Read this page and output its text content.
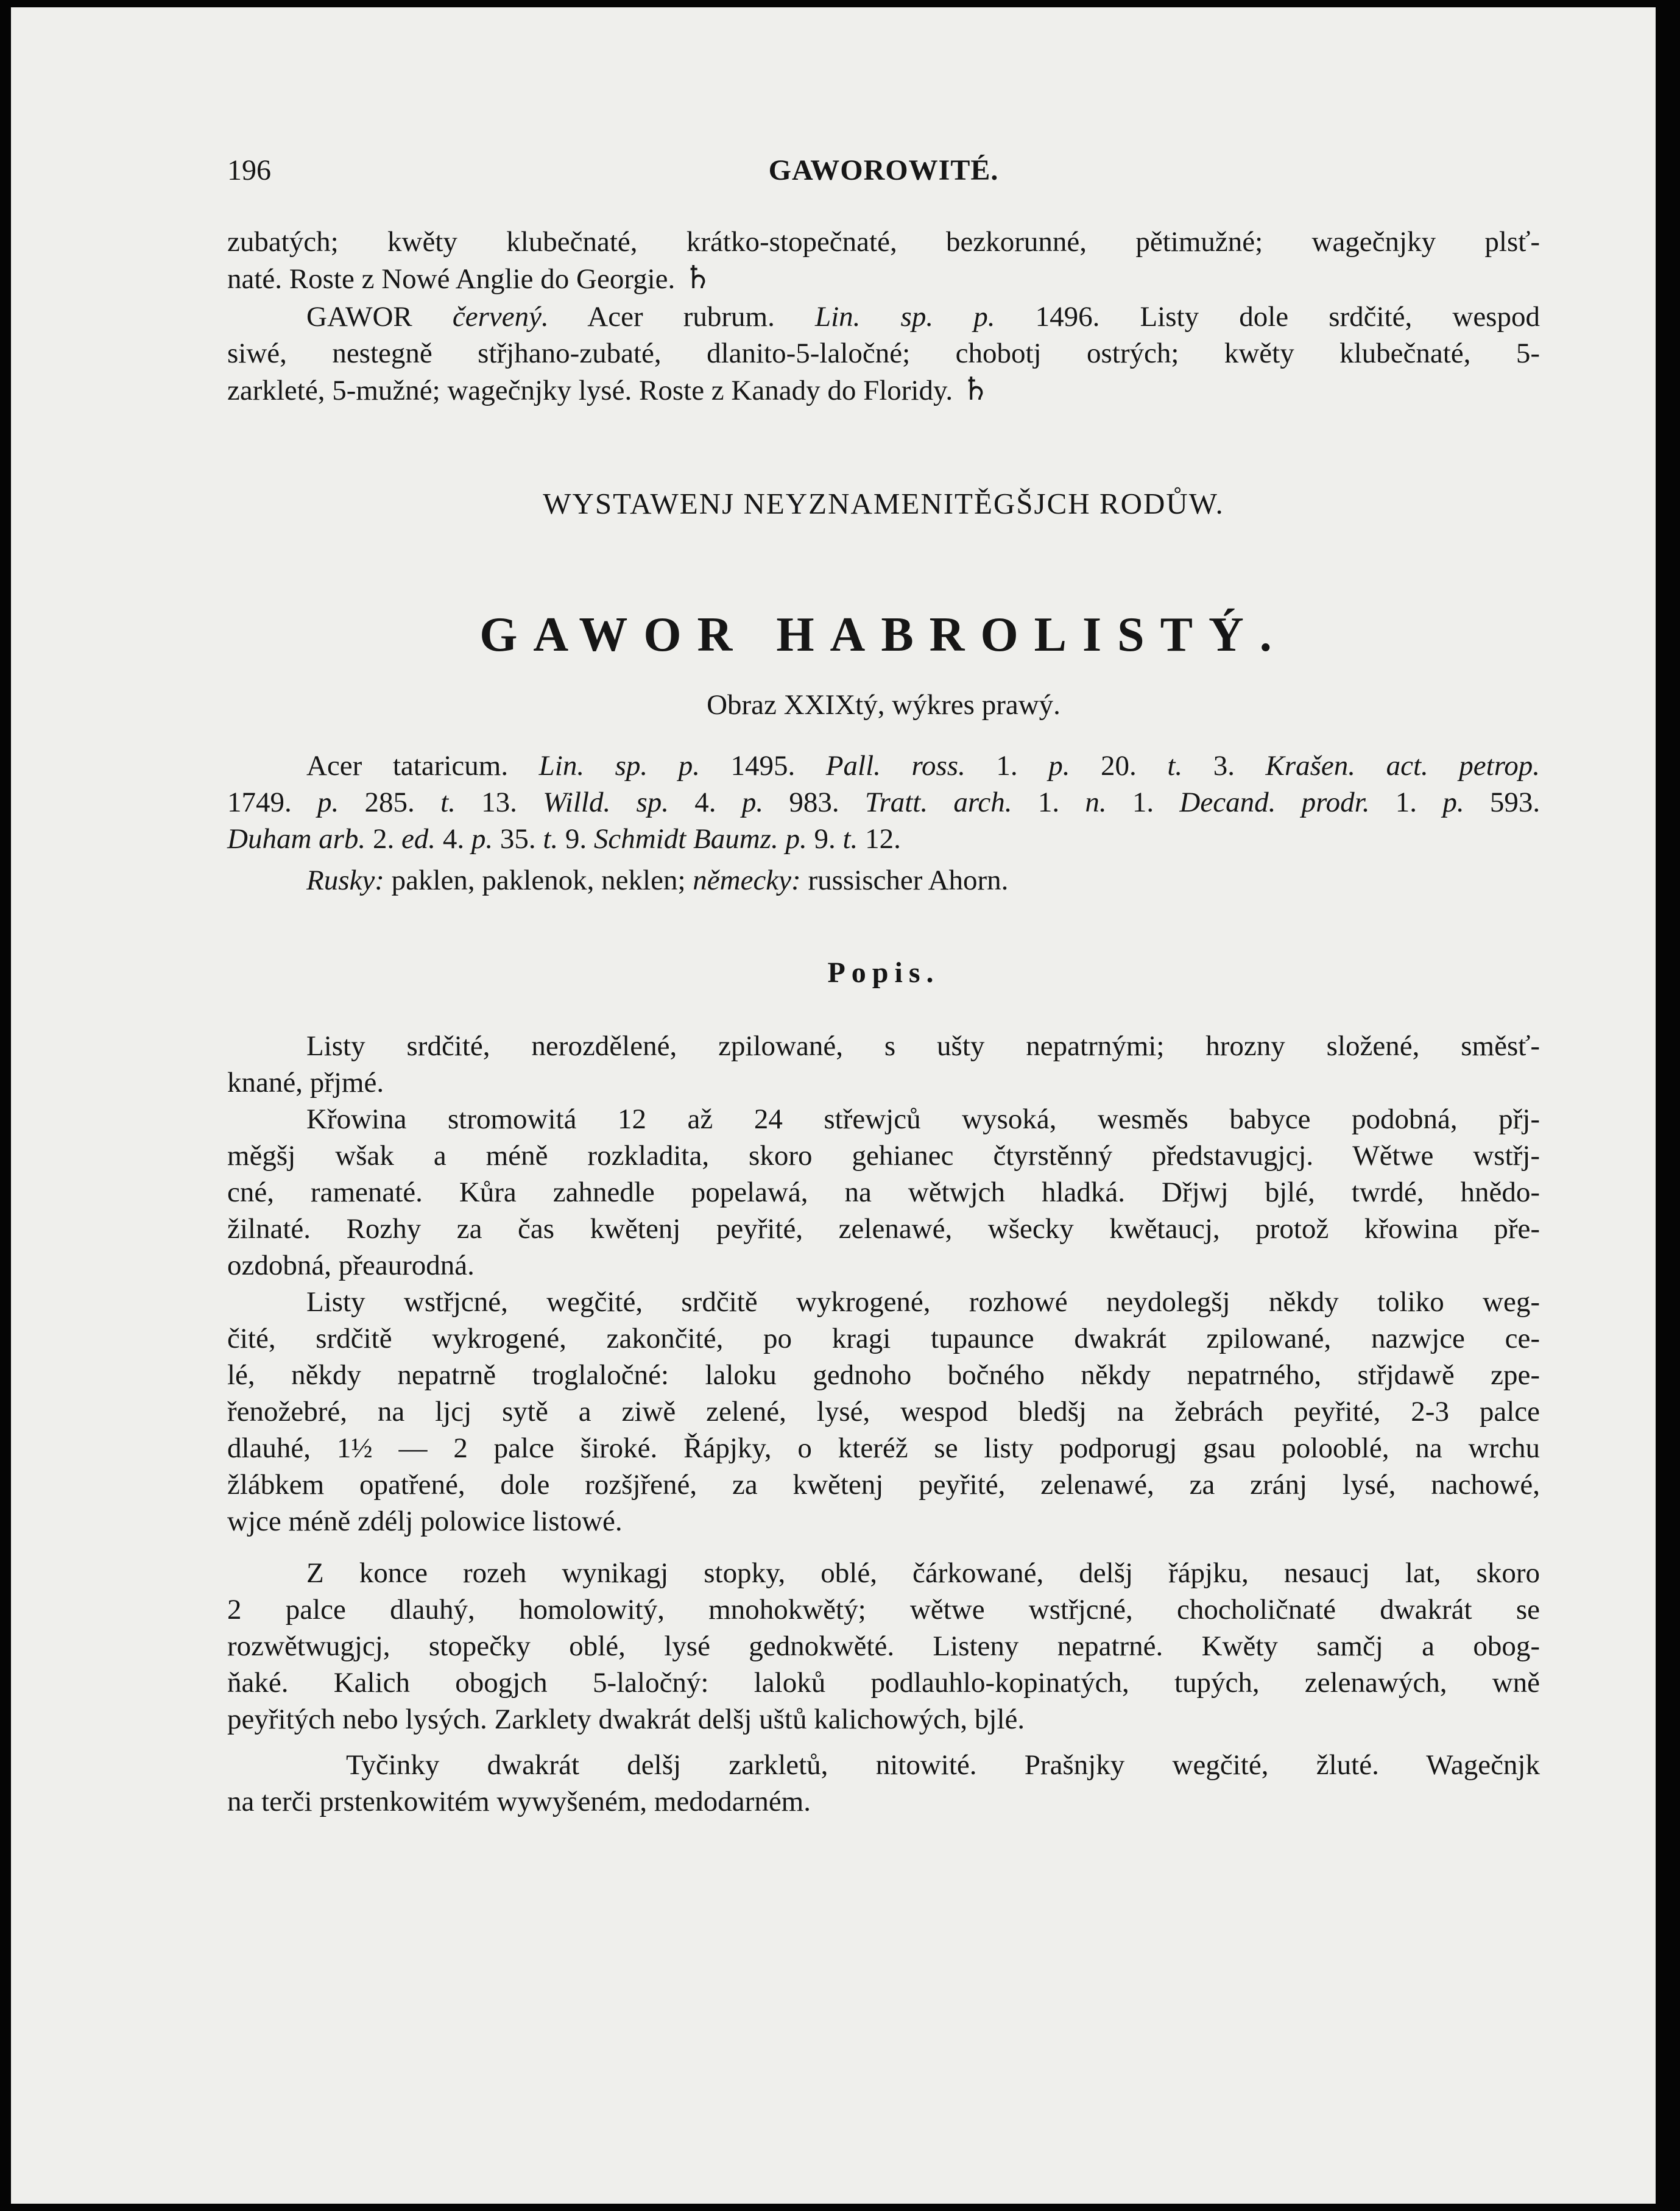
196	GAWOROWITÉ.
zubatých; kwěty klubečnaté, krátko-stopečnaté, bezkorunné, pětimužné; wagečnjky plsť-
naté. Roste z Nowé Anglie do Georgie. ♄
GAWOR červený. Acer rubrum. Lin. sp. p. 1496. Listy dole srdčité, wespod
siwé, nestegně střjhano-zubaté, dlanito-5-laločné; chobotj ostrých; kwěty klubečnaté, 5-
zarkleté, 5-mužné; wagečnjky lysé. Roste z Kanady do Floridy. ♄
WYSTAWENJ NEYZNAMENITĚGŠJCH RODŮW.
GAWOR HABROLISTÝ.
Obraz XXIXtý, wýkres prawý.
Acer tataricum. Lin. sp. p. 1495. Pall. ross. 1. p. 20. t. 3. Krašen. act. petrop.
1749. p. 285. t. 13. Willd. sp. 4. p. 983. Tratt. arch. 1. n. 1. Decand. prodr. 1. p. 593.
Duham arb. 2. ed. 4. p. 35. t. 9. Schmidt Baumz. p. 9. t. 12.
Rusky: paklen, paklenok, neklen; německy: russischer Ahorn.
Popis.
Listy srdčité, nerozdělené, zpilowané, s ušty nepatrnými; hrozny složené, směsť-
knané, přjmé.
Křowina stromowitá 12 až 24 střewjců wysoká, wesměs babyce podobná, přj-
měgšj wšak a méně rozkladita, skoro gehianec čtyrstěnný představugjcj. Wětwe wstřj-
cné, ramenaté. Kůra zahnedle popelawá, na wětwjch hladká. Dřjwj bjlé, twrdé, hnědo-
žilnaté. Rozhy za čas kwětenj peyřité, zelenawé, wšecky kwětaucj, protož křowina pře-
ozdobná, přeaurodná.
Listy wstřjcné, wegčité, srdčitě wykrogené, rozhowé neydolegšj někdy toliko weg-
čité, srdčitě wykrogené, zakončité, po kragi tupaunce dwakrát zpilowané, nazwjce ce-
lé, někdy nepatrně troglaločné: laloku gednoho bočného někdy nepatrného, střjdawě zpe-
řenožebré, na ljcj sytě a ziwě zelené, lysé, wespod bledšj na žebrách peyřité, 2-3 palce
dlauhé, 1½ — 2 palce široké. Řápjky, o kteréž se listy podporugj gsau polooblé, na wrchu
žlábkem opatřené, dole rozšjřené, za kwětenj peyřité, zelenawé, za zránj lysé, nachowé,
wjce méně zdélj polowice listowé.
Z konce rozeh wynikagj stopky, oblé, čárkowané, delšj řápjku, nesaucj lat, skoro
2 palce dlauhý, homolowitý, mnohokwětý; wětwe wstřjcné, chocholičnaté dwakrát se
rozwětwugjcj, stopečky oblé, lysé gednokwěté. Listeny nepatrné. Kwěty samčj a obog-
ňaké. Kalich obogjch 5-laločný: laloků podlauhlo-kopinatých, tupých, zelenawých, wně
peyřitých nebo lysých. Zarklety dwakrát delšj uštů kalichowých, bjlé.
Tyčinky dwakrát delšj zarkletů, nitowité. Prašnjky wegčité, žluté. Wagečnjk
na terči prstenkowitém wywyšeném, medodarném.
